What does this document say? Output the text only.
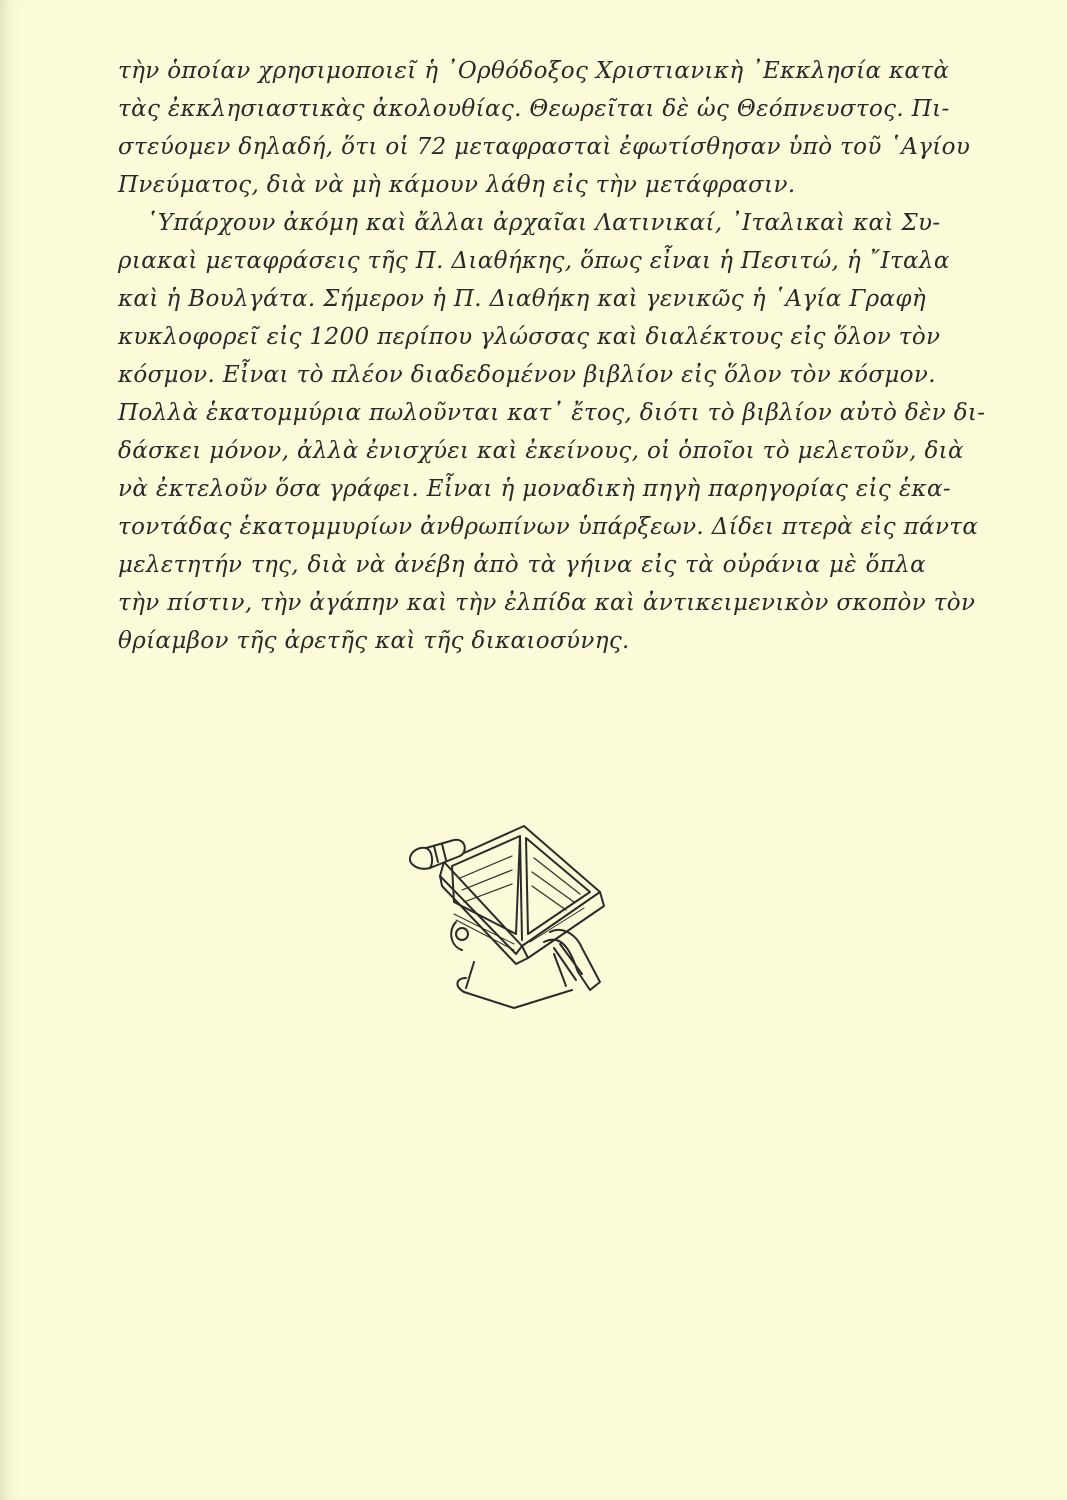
τὴν ὁποίαν χρησιμοποιεῖ ἡ ᾽Ορθόδοξος Χριστιανικὴ ᾽Εκκλησία κατὰ
τὰς ἐκκλησιαστικὰς ἀκολουθίας. Θεωρεῖται δὲ ὡς Θεόπνευστος. Πι-
στεύομεν δηλαδή, ὅτι οἱ 72 μεταφρασταὶ ἐφωτίσθησαν ὑπὸ τοῦ ῾Αγίου
Πνεύματος, διὰ νὰ μὴ κάμουν λάθη εἰς τὴν μετάφρασιν.
῾Υπάρχουν ἀκόμη καὶ ἄλλαι ἀρχαῖαι Λατινικαί, ᾽Ιταλικαὶ καὶ Συ-
ριακαὶ μεταφράσεις τῆς Π. Διαθήκης, ὅπως εἶναι ἡ Πεσιτώ, ἡ ῎Ιταλα
καὶ ἡ Βουλγάτα. Σήμερον ἡ Π. Διαθήκη καὶ γενικῶς ἡ ῾Αγία Γραφὴ
κυκλοφορεῖ εἰς 1200 περίπου γλώσσας καὶ διαλέκτους εἰς ὅλον τὸν
κόσμον. Εἶναι τὸ πλέον διαδεδομένον βιβλίον εἰς ὅλον τὸν κόσμον.
Πολλὰ ἑκατομμύρια πωλοῦνται κατ᾽ ἔτος, διότι τὸ βιβλίον αὐτὸ δὲν δι-
δάσκει μόνον, ἀλλὰ ἐνισχύει καὶ ἐκείνους, οἱ ὁποῖοι τὸ μελετοῦν, διὰ
νὰ ἐκτελοῦν ὅσα γράφει. Εἶναι ἡ μοναδικὴ πηγὴ παρηγορίας εἰς ἑκα-
τοντάδας ἑκατομμυρίων ἀνθρωπίνων ὑπάρξεων. Δίδει πτερὰ εἰς πάντα
μελετητήν της, διὰ νὰ ἀνέβη ἀπὸ τὰ γήινα εἰς τὰ οὐράνια μὲ ὅπλα
τὴν πίστιν, τὴν ἀγάπην καὶ τὴν ἐλπίδα καὶ ἀντικειμενικὸν σκοπὸν τὸν
θρίαμβον τῆς ἀρετῆς καὶ τῆς δικαιοσύνης.
